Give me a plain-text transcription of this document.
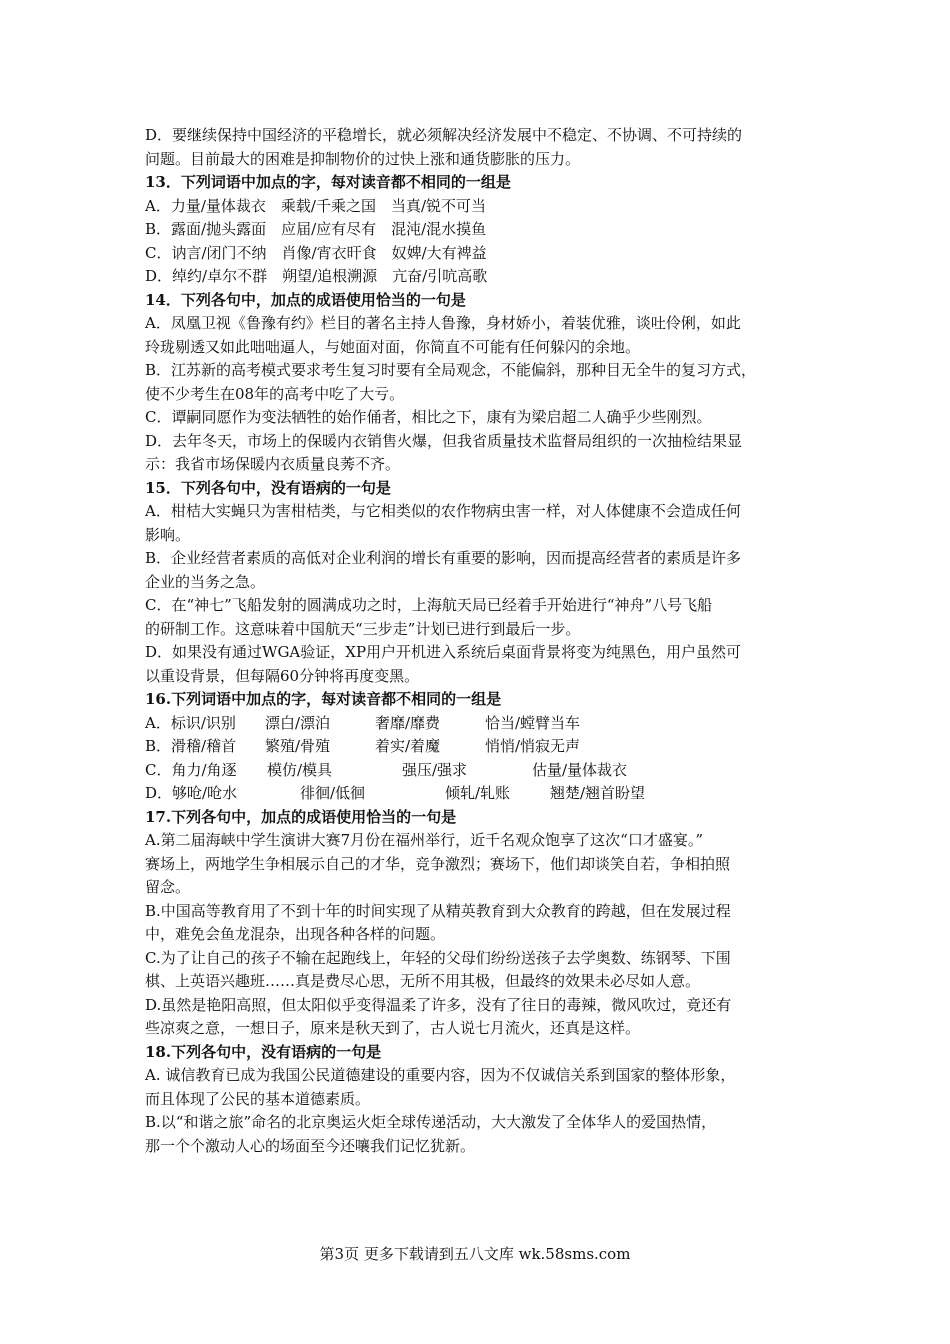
D．要继续保持中国经济的平稳增长，就必须解决经济发展中不稳定、不协调、不可持续的
问题。目前最大的困难是抑制物价的过快上涨和通货膨胀的压力。
13．下列词语中加点的字，每对读音都不相同的一组是
A．力量/量体裁衣　乘载/千乘之国　当真/锐不可当
B．露面/抛头露面　应届/应有尽有　混沌/混水摸鱼
C．讷言/闭门不纳　肖像/宵衣旰食　奴婢/大有裨益
D．绰约/卓尔不群　朔望/追根溯源　亢奋/引吭高歌
14．下列各句中，加点的成语使用恰当的一句是
A．凤凰卫视《鲁豫有约》栏目的著名主持人鲁豫，身材娇小，着装优雅，谈吐伶俐，如此
玲珑剔透又如此咄咄逼人，与她面对面，你简直不可能有任何躲闪的余地。
B．江苏新的高考模式要求考生复习时要有全局观念，不能偏斜，那种目无全牛的复习方式，
使不少考生在08年的高考中吃了大亏。
C．谭嗣同愿作为变法牺牲的始作俑者，相比之下，康有为梁启超二人确乎少些刚烈。
D．去年冬天，市场上的保暖内衣销售火爆，但我省质量技术监督局组织的一次抽检结果显
示：我省市场保暖内衣质量良莠不齐。
15．下列各句中，没有语病的一句是
A．柑桔大实蝇只为害柑桔类，与它相类似的农作物病虫害一样，对人体健康不会造成任何
影响。
B．企业经营者素质的高低对企业利润的增长有重要的影响，因而提高经营者的素质是许多
企业的当务之急。
C．在“神七”飞船发射的圆满成功之时，上海航天局已经着手开始进行“神舟”八号飞船
的研制工作。这意味着中国航天“三步走”计划已进行到最后一步。
D．如果没有通过WGA验证，XP用户开机进入系统后桌面背景将变为纯黑色，用户虽然可
以重设背景，但每隔60分钟将再度变黑。
16.下列词语中加点的字，每对读音都不相同的一组是
A．标识/识别 漂白/漂泊	奢靡/靡费	恰当/螳臂当车
B．滑稽/稽首 繁殖/骨殖	着实/着魔	悄悄/悄寂无声
C．角力/角逐 模仿/模具	强压/强求	估量/量体裁衣
D．够呛/呛水	徘徊/低徊	倾轧/轧账	翘楚/翘首盼望
17.下列各句中，加点的成语使用恰当的一句是
A.第二届海峡中学生演讲大赛7月份在福州举行，近千名观众饱享了这次“口才盛宴。”
赛场上，两地学生争相展示自己的才华，竞争激烈；赛场下，他们却谈笑自若，争相拍照
留念。
B.中国高等教育用了不到十年的时间实现了从精英教育到大众教育的跨越，但在发展过程
中，难免会鱼龙混杂，出现各种各样的问题。
C.为了让自己的孩子不输在起跑线上，年轻的父母们纷纷送孩子去学奥数、练钢琴、下围
棋、上英语兴趣班……真是费尽心思，无所不用其极，但最终的效果未必尽如人意。
D.虽然是艳阳高照，但太阳似乎变得温柔了许多，没有了往日的毒辣，微风吹过，竟还有
些凉爽之意，一想日子，原来是秋天到了，古人说七月流火，还真是这样。
18.下列各句中，没有语病的一句是
A. 诚信教育已成为我国公民道德建设的重要内容，因为不仅诚信关系到国家的整体形象，
而且体现了公民的基本道德素质。
B.以“和谐之旅”命名的北京奥运火炬全球传递活动，大大激发了全体华人的爱国热情，
那一个个激动人心的场面至今还嚷我们记忆犹新。
第3页 更多下载请到五八文库 wk.58sms.com
